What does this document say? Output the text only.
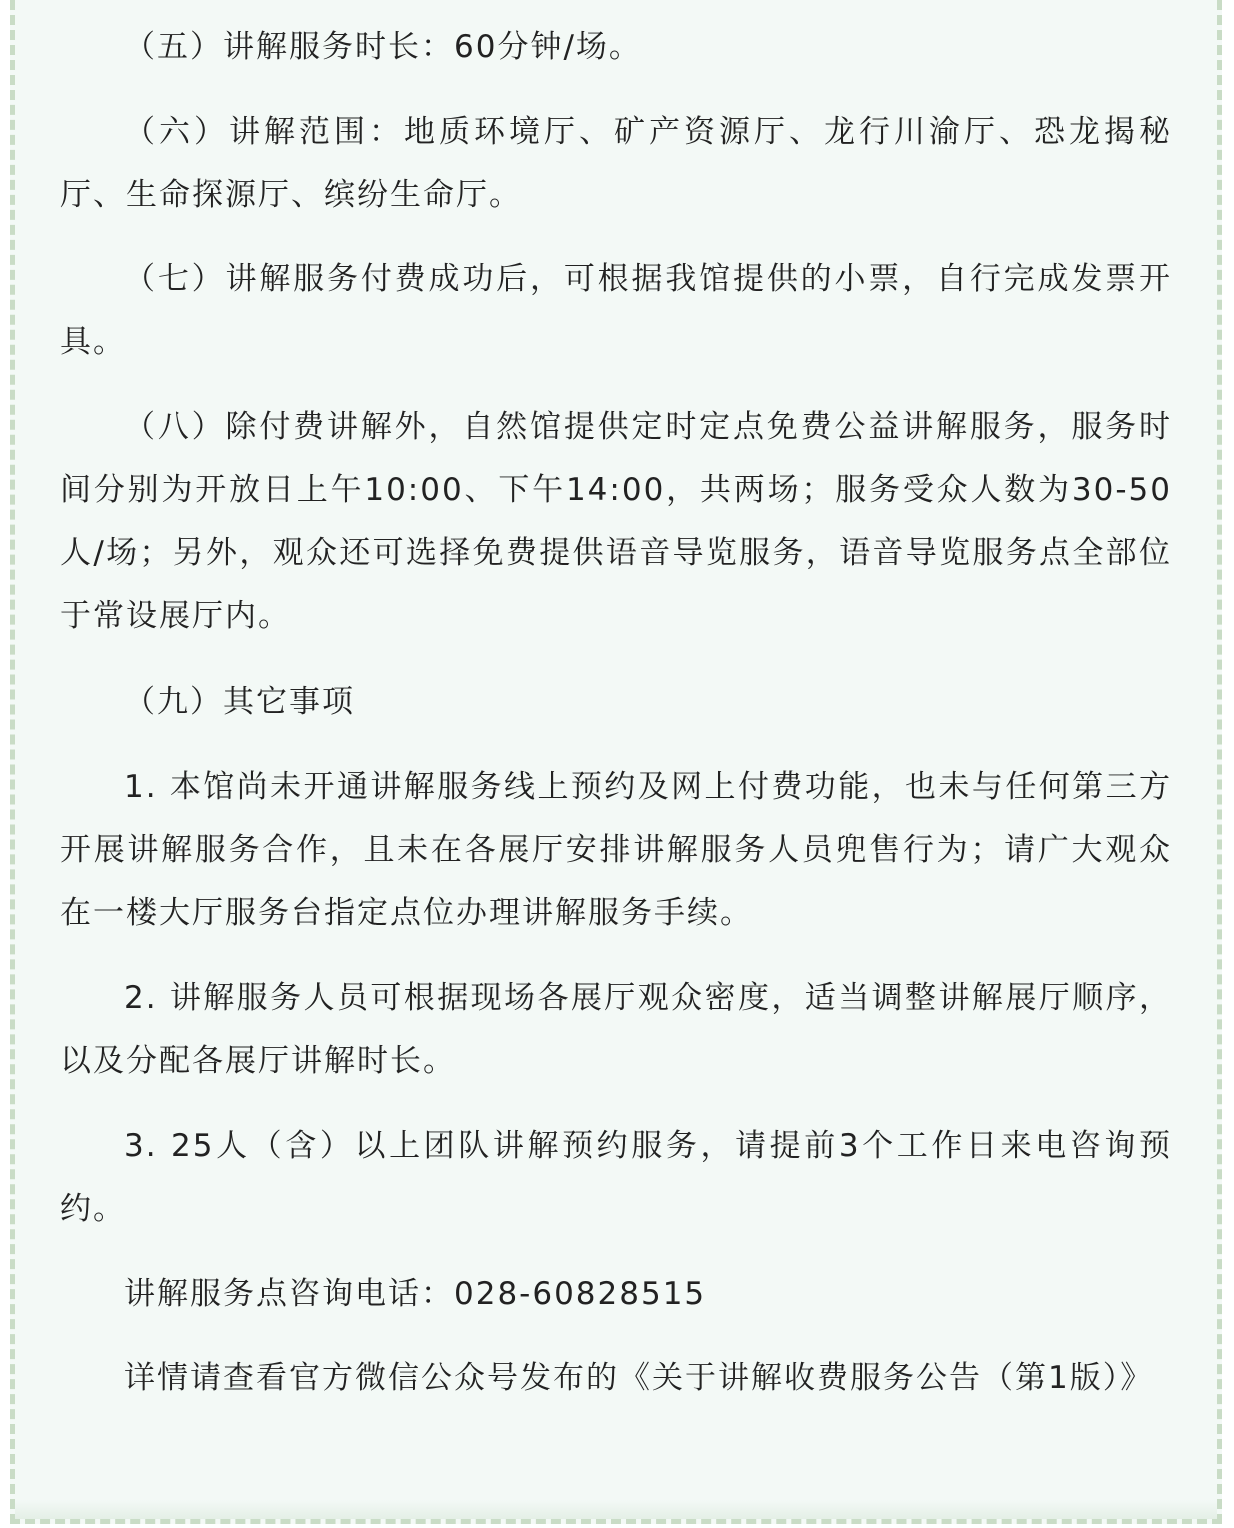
（五）讲解服务时长：60分钟/场。

（六）讲解范围：地质环境厅、矿产资源厅、龙行川渝厅、恐龙揭秘厅、生命探源厅、缤纷生命厅。

（七）讲解服务付费成功后，可根据我馆提供的小票，自行完成发票开具。

（八）除付费讲解外，自然馆提供定时定点免费公益讲解服务，服务时间分别为开放日上午10:00、下午14:00，共两场；服务受众人数为30-50人/场；另外，观众还可选择免费提供语音导览服务，语音导览服务点全部位于常设展厅内。

（九）其它事项

1. 本馆尚未开通讲解服务线上预约及网上付费功能，也未与任何第三方开展讲解服务合作，且未在各展厅安排讲解服务人员兜售行为；请广大观众在一楼大厅服务台指定点位办理讲解服务手续。

2. 讲解服务人员可根据现场各展厅观众密度，适当调整讲解展厅顺序，以及分配各展厅讲解时长。

3. 25人（含）以上团队讲解预约服务，请提前3个工作日来电咨询预约。

讲解服务点咨询电话：028-60828515

详情请查看官方微信公众号发布的《关于讲解收费服务公告（第1版）》
